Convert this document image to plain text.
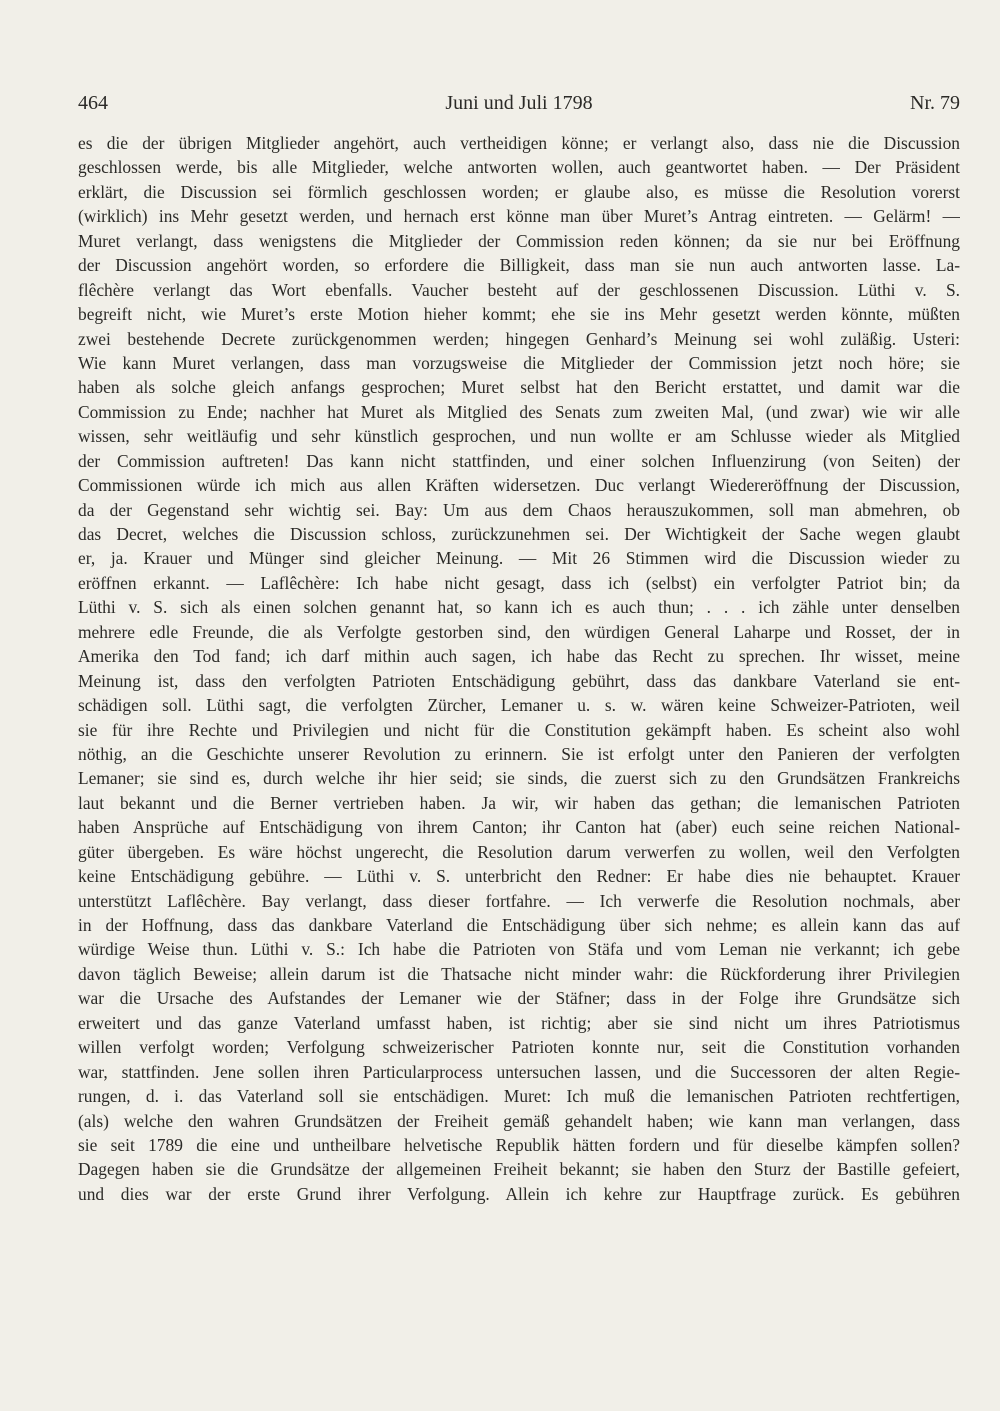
464	Juni und Juli 1798	Nr. 79
es die der übrigen Mitglieder angehört, auch vertheidigen könne; er verlangt also, dass nie die Discussion
geschlossen werde, bis alle Mitglieder, welche antworten wollen, auch geantwortet haben. — Der Präsident
erklärt, die Discussion sei förmlich geschlossen worden; er glaube also, es müsse die Resolution vorerst
(wirklich) ins Mehr gesetzt werden, und hernach erst könne man über Muret’s Antrag eintreten. — Gelärm! —
Muret verlangt, dass wenigstens die Mitglieder der Commission reden können; da sie nur bei Eröffnung
der Discussion angehört worden, so erfordere die Billigkeit, dass man sie nun auch antworten lasse. La-
flêchère verlangt das Wort ebenfalls. Vaucher besteht auf der geschlossenen Discussion. Lüthi v. S.
begreift nicht, wie Muret’s erste Motion hieher kommt; ehe sie ins Mehr gesetzt werden könnte, müßten
zwei bestehende Decrete zurückgenommen werden; hingegen Genhard’s Meinung sei wohl zuläßig. Usteri:
Wie kann Muret verlangen, dass man vorzugsweise die Mitglieder der Commission jetzt noch höre; sie
haben als solche gleich anfangs gesprochen; Muret selbst hat den Bericht erstattet, und damit war die
Commission zu Ende; nachher hat Muret als Mitglied des Senats zum zweiten Mal, (und zwar) wie wir alle
wissen, sehr weitläufig und sehr künstlich gesprochen, und nun wollte er am Schlusse wieder als Mitglied
der Commission auftreten! Das kann nicht stattfinden, und einer solchen Influenzirung (von Seiten) der
Commissionen würde ich mich aus allen Kräften widersetzen. Duc verlangt Wiedereröffnung der Discussion,
da der Gegenstand sehr wichtig sei. Bay: Um aus dem Chaos herauszukommen, soll man abmehren, ob
das Decret, welches die Discussion schloss, zurückzunehmen sei. Der Wichtigkeit der Sache wegen glaubt
er, ja. Krauer und Münger sind gleicher Meinung. — Mit 26 Stimmen wird die Discussion wieder zu
eröffnen erkannt. — Laflêchère: Ich habe nicht gesagt, dass ich (selbst) ein verfolgter Patriot bin; da
Lüthi v. S. sich als einen solchen genannt hat, so kann ich es auch thun; . . . ich zähle unter denselben
mehrere edle Freunde, die als Verfolgte gestorben sind, den würdigen General Laharpe und Rosset, der in
Amerika den Tod fand; ich darf mithin auch sagen, ich habe das Recht zu sprechen. Ihr wisset, meine
Meinung ist, dass den verfolgten Patrioten Entschädigung gebührt, dass das dankbare Vaterland sie ent-
schädigen soll. Lüthi sagt, die verfolgten Zürcher, Lemaner u. s. w. wären keine Schweizer-Patrioten, weil
sie für ihre Rechte und Privilegien und nicht für die Constitution gekämpft haben. Es scheint also wohl
nöthig, an die Geschichte unserer Revolution zu erinnern. Sie ist erfolgt unter den Panieren der verfolgten
Lemaner; sie sind es, durch welche ihr hier seid; sie sinds, die zuerst sich zu den Grundsätzen Frankreichs
laut bekannt und die Berner vertrieben haben. Ja wir, wir haben das gethan; die lemanischen Patrioten
haben Ansprüche auf Entschädigung von ihrem Canton; ihr Canton hat (aber) euch seine reichen National-
güter übergeben. Es wäre höchst ungerecht, die Resolution darum verwerfen zu wollen, weil den Verfolgten
keine Entschädigung gebühre. — Lüthi v. S. unterbricht den Redner: Er habe dies nie behauptet. Krauer
unterstützt Laflêchère. Bay verlangt, dass dieser fortfahre. — Ich verwerfe die Resolution nochmals, aber
in der Hoffnung, dass das dankbare Vaterland die Entschädigung über sich nehme; es allein kann das auf
würdige Weise thun. Lüthi v. S.: Ich habe die Patrioten von Stäfa und vom Leman nie verkannt; ich gebe
davon täglich Beweise; allein darum ist die Thatsache nicht minder wahr: die Rückforderung ihrer Privilegien
war die Ursache des Aufstandes der Lemaner wie der Stäfner; dass in der Folge ihre Grundsätze sich
erweitert und das ganze Vaterland umfasst haben, ist richtig; aber sie sind nicht um ihres Patriotismus
willen verfolgt worden; Verfolgung schweizerischer Patrioten konnte nur, seit die Constitution vorhanden
war, stattfinden. Jene sollen ihren Particularprocess untersuchen lassen, und die Successoren der alten Regie-
rungen, d. i. das Vaterland soll sie entschädigen. Muret: Ich muß die lemanischen Patrioten rechtfertigen,
(als) welche den wahren Grundsätzen der Freiheit gemäß gehandelt haben; wie kann man verlangen, dass
sie seit 1789 die eine und untheilbare helvetische Republik hätten fordern und für dieselbe kämpfen sollen?
Dagegen haben sie die Grundsätze der allgemeinen Freiheit bekannt; sie haben den Sturz der Bastille gefeiert,
und dies war der erste Grund ihrer Verfolgung. Allein ich kehre zur Hauptfrage zurück. Es gebühren
